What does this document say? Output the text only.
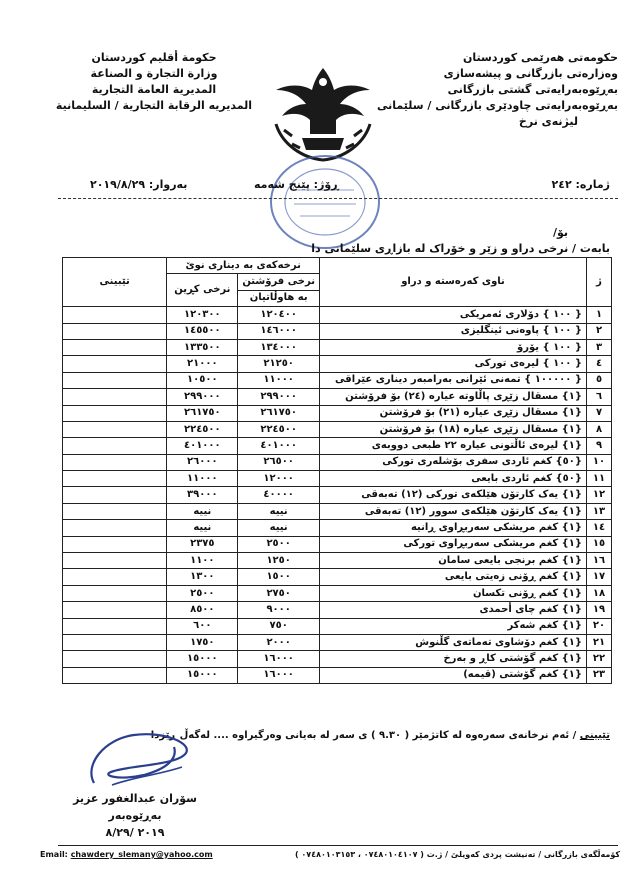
حکومەتی هەرێمی کوردستان
وەزارەتی بازرگانی و پیشەسازی
بەڕێوەبەرایەتی گشتی بازرگانی
بەڕێوەبەرایەتی چاودێری بازرگانی / سلێمانی
لیژنەی نرخ
حكومة أقليم كوردستان
وزارة التجارة و الصناعة
المديرية العامة التجارية
المديريه الرقابة التجارية / السليمانية
ژمارە: ٢٤٢
ڕۆژ: پێنج شەمە
بەروار: ٢٠١٩/٨/٢٩
بۆ/
بابەت / نرخی دراو و زێر و خۆراک لە بازاڕی سلێمانی دا
ژ	ناوی کەرەستە و دراو	نرخەکەی بە دیناری نوێ		تێبینی
		نرخی فرۆشتن	نرخی کڕین	
		بە هاوڵاتیان		
١	{ ١٠٠ } دۆلاری ئەمریکی	١٢٠٤٠٠	١٢٠٣٠٠	
٢	{ ١٠٠ } پاوەنی ئینگلیزی	١٤٦٠٠٠	١٤٥٥٠٠	
٣	{ ١٠٠ } یۆرۆ	١٣٤٠٠٠	١٣٣٥٠٠	
٤	{ ١٠٠ } لیرەی تورکی	٢١٢٥٠	٢١٠٠٠	
٥	{ ١٠٠٠٠٠ } تمەنی ئێرانی بەرامبەر دیناری عێراقی	١١٠٠٠	١٠٥٠٠	
٦	{١} مسقال زێڕی پاڵاوتە عیارە (٢٤) بۆ فرۆشتن	٢٩٩٠٠٠	٢٩٩٠٠٠	
٧	{١} مسقال زێڕی عیارە (٢١) بۆ فرۆشتن	٢٦١٧٥٠	٢٦١٧٥٠	
٨	{١} مسقال زێڕی عیارە (١٨) بۆ فرۆشتن	٢٢٤٥٠٠	٢٢٤٥٠٠	
٩	{١} لیرەی ئاڵتونی عیارە ٢٢ طبعی دووبەی	٤٠١٠٠٠	٤٠١٠٠٠	
١٠	{٥٠} کغم ئاردی سفری بۆشلەری تورکی	٢٦٥٠٠	٢٦٠٠٠	
١١	{٥٠} کغم ئاردی بایعی	١٢٠٠٠	١١٠٠٠	
١٢	{١} یەک کارتۆن هێلکەی تورکی (١٢) تەبەقی	٤٠٠٠٠	٣٩٠٠٠	
١٣	{١} یەک کارتۆن هێلکەی سوور (١٢) تەبەقی	نییە	نییە	
١٤	{١} کغم مریشکی سەربڕاوی ڕانیە	نییە	نییە	
١٥	{١} کغم مریشکی سەربڕاوی تورکی	٢٥٠٠	٢٣٧٥	
١٦	{١} کغم برنجی بایعی سامان	١٢٥٠	١١٠٠	
١٧	{١} کغم ڕۆنی زەیتی بایعی	١٥٠٠	١٣٠٠	
١٨	{١} کغم ڕۆنی تکسان	٢٧٥٠	٢٥٠٠	
١٩	{١} کغم چای أحمدی	٩٠٠٠	٨٥٠٠	
٢٠	{١} کغم شەکر	٧٥٠	٦٠٠	
٢١	{١} کغم دۆشاوی تەماتەی گڵنوش	٢٠٠٠	١٧٥٠	
٢٢	{١} کغم گۆشتی کاڕ و بەرخ	١٦٠٠٠	١٥٠٠٠	
٢٣	{١} کغم گۆشتی (قیمە)	١٦٠٠٠	١٥٠٠٠	
تێبینی / ئەم نرخانەی سەرەوە لە کاتژمێر ( ٩.٣٠ ) ی سەر لە بەیانی وەرگیراوە .... لەگەڵ ڕێزدا
سۆران عبدالغفور عزیز
بەڕێوەبەر
٢٠١٩ /٨/٢٩
Email: chawdery_slemany@yahoo.com	کۆمەڵگەی بازرگانی / تەنیشت پردی کەویلێ / ژ.ت ( ٠٧٤٨٠١٠٤١٠٧ ، ٠٧٤٨٠١٠٣١٥٣ )
